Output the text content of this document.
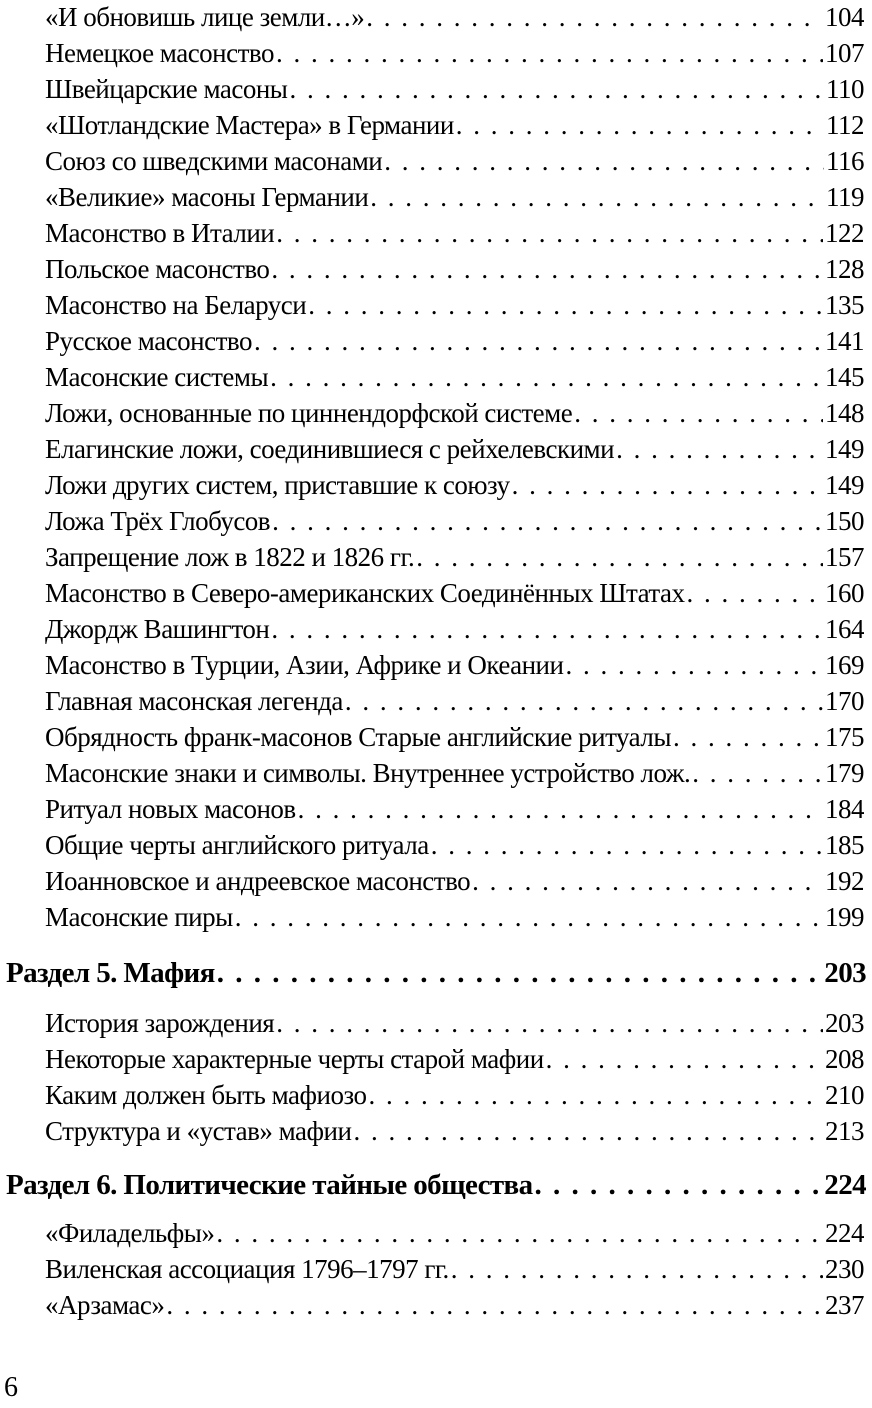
«И обновишь лице земли…» . . .	104
Немецкое масонство . . .	107
Швейцарские масоны . . .	110
«Шотландские Мастера» в Германии . . .	112
Союз со шведскими масонами . . .	116
«Великие» масоны Германии . . .	119
Масонство в Италии . . .	122
Польское масонство . . .	128
Масонство на Беларуси . . .	135
Русское масонство . . .	141
Масонские системы . . .	145
Ложи, основанные по циннендорфской системе . . .	148
Елагинские ложи, соединившиеся с рейхелевскими . . .	149
Ложи других систем, приставшие к союзу . . .	149
Ложа Трёх Глобусов . . .	150
Запрещение лож в 1822 и 1826 гг. . . .	157
Масонство в Северо-американских Соединённых Штатах . . .	160
Джордж Вашингтон . . .	164
Масонство в Турции, Азии, Африке и Океании . . .	169
Главная масонская легенда . . .	170
Обрядность франк-масонов Старые английские ритуалы . . .	175
Масонские знаки и символы. Внутреннее устройство лож. . . .	179
Ритуал новых масонов . . .	184
Общие черты английского ритуала . . .	185
Иоанновское и андреевское масонство . . .	192
Масонские пиры . . .	199
Раздел 5. Мафия . . .	203
История зарождения . . .	203
Некоторые характерные черты старой мафии . . .	208
Каким должен быть мафиозо . . .	210
Структура и «устав» мафии . . .	213
Раздел 6. Политические тайные общества . . .	224
«Филадельфы» . . .	224
Виленская ассоциация 1796–1797 гг. . . .	230
«Арзамас» . . .	237
6
